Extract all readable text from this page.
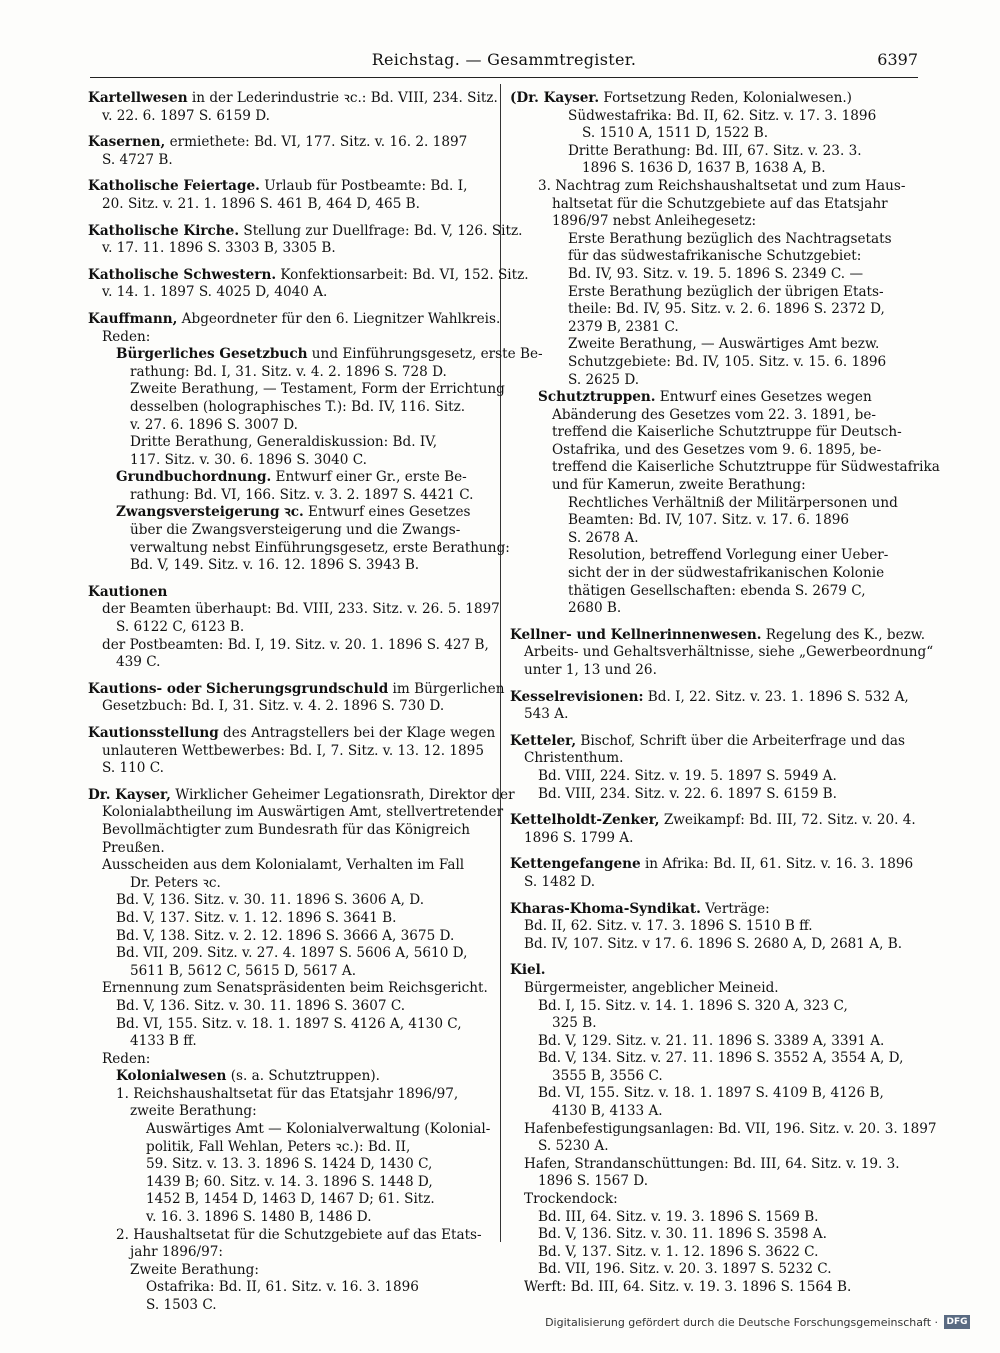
Reichstag. — Gesammtregister.	6397
Kartellwesen in der Lederindustrie ꝛc.: Bd. VIII, 234. Sitz.
v. 22. 6. 1897 S. 6159 D.
Kasernen, ermiethete: Bd. VI, 177. Sitz. v. 16. 2. 1897
S. 4727 B.
Katholische Feiertage. Urlaub für Postbeamte: Bd. I,
20. Sitz. v. 21. 1. 1896 S. 461 B, 464 D, 465 B.
Katholische Kirche. Stellung zur Duellfrage: Bd. V, 126. Sitz.
v. 17. 11. 1896 S. 3303 B, 3305 B.
Katholische Schwestern. Konfektionsarbeit: Bd. VI, 152. Sitz.
v. 14. 1. 1897 S. 4025 D, 4040 A.
Kauffmann, Abgeordneter für den 6. Liegnitzer Wahlkreis.
Reden:
Bürgerliches Gesetzbuch und Einführungsgesetz, erste Be-
rathung: Bd. I, 31. Sitz. v. 4. 2. 1896 S. 728 D.
Zweite Berathung, — Testament, Form der Errichtung
desselben (holographisches T.): Bd. IV, 116. Sitz.
v. 27. 6. 1896 S. 3007 D.
Dritte Berathung, Generaldiskussion: Bd. IV,
117. Sitz. v. 30. 6. 1896 S. 3040 C.
Grundbuchordnung. Entwurf einer Gr., erste Be-
rathung: Bd. VI, 166. Sitz. v. 3. 2. 1897 S. 4421 C.
Zwangsversteigerung ꝛc. Entwurf eines Gesetzes
über die Zwangsversteigerung und die Zwangs-
verwaltung nebst Einführungsgesetz, erste Berathung:
Bd. V, 149. Sitz. v. 16. 12. 1896 S. 3943 B.
Kautionen
der Beamten überhaupt: Bd. VIII, 233. Sitz. v. 26. 5. 1897
S. 6122 C, 6123 B.
der Postbeamten: Bd. I, 19. Sitz. v. 20. 1. 1896 S. 427 B,
439 C.
Kautions- oder Sicherungsgrundschuld im Bürgerlichen
Gesetzbuch: Bd. I, 31. Sitz. v. 4. 2. 1896 S. 730 D.
Kautionsstellung des Antragstellers bei der Klage wegen
unlauteren Wettbewerbes: Bd. I, 7. Sitz. v. 13. 12. 1895
S. 110 C.
Dr. Kayser, Wirklicher Geheimer Legationsrath, Direktor der
Kolonialabtheilung im Auswärtigen Amt, stellvertretender
Bevollmächtigter zum Bundesrath für das Königreich
Preußen.
Ausscheiden aus dem Kolonialamt, Verhalten im Fall
Dr. Peters ꝛc.
Bd. V, 136. Sitz. v. 30. 11. 1896 S. 3606 A, D.
Bd. V, 137. Sitz. v. 1. 12. 1896 S. 3641 B.
Bd. V, 138. Sitz. v. 2. 12. 1896 S. 3666 A, 3675 D.
Bd. VII, 209. Sitz. v. 27. 4. 1897 S. 5606 A, 5610 D,
5611 B, 5612 C, 5615 D, 5617 A.
Ernennung zum Senatspräsidenten beim Reichsgericht.
Bd. V, 136. Sitz. v. 30. 11. 1896 S. 3607 C.
Bd. VI, 155. Sitz. v. 18. 1. 1897 S. 4126 A, 4130 C,
4133 B ff.
Reden:
Kolonialwesen (s. a. Schutztruppen).
1. Reichshaushaltsetat für das Etatsjahr 1896/97,
zweite Berathung:
Auswärtiges Amt — Kolonialverwaltung (Kolonial-
politik, Fall Wehlan, Peters ꝛc.): Bd. II,
59. Sitz. v. 13. 3. 1896 S. 1424 D, 1430 C,
1439 B; 60. Sitz. v. 14. 3. 1896 S. 1448 D,
1452 B, 1454 D, 1463 D, 1467 D; 61. Sitz.
v. 16. 3. 1896 S. 1480 B, 1486 D.
2. Haushaltsetat für die Schutzgebiete auf das Etats-
jahr 1896/97:
Zweite Berathung:
Ostafrika: Bd. II, 61. Sitz. v. 16. 3. 1896
S. 1503 C.
(Dr. Kayser. Fortsetzung Reden, Kolonialwesen.)
Südwestafrika: Bd. II, 62. Sitz. v. 17. 3. 1896
S. 1510 A, 1511 D, 1522 B.
Dritte Berathung: Bd. III, 67. Sitz. v. 23. 3.
1896 S. 1636 D, 1637 B, 1638 A, B.
3. Nachtrag zum Reichshaushaltsetat und zum Haus-
haltsetat für die Schutzgebiete auf das Etatsjahr
1896/97 nebst Anleihegesetz:
Erste Berathung bezüglich des Nachtragsetats
für das südwestafrikanische Schutzgebiet:
Bd. IV, 93. Sitz. v. 19. 5. 1896 S. 2349 C. —
Erste Berathung bezüglich der übrigen Etats-
theile: Bd. IV, 95. Sitz. v. 2. 6. 1896 S. 2372 D,
2379 B, 2381 C.
Zweite Berathung, — Auswärtiges Amt bezw.
Schutzgebiete: Bd. IV, 105. Sitz. v. 15. 6. 1896
S. 2625 D.
Schutztruppen. Entwurf eines Gesetzes wegen
Abänderung des Gesetzes vom 22. 3. 1891, be-
treffend die Kaiserliche Schutztruppe für Deutsch-
Ostafrika, und des Gesetzes vom 9. 6. 1895, be-
treffend die Kaiserliche Schutztruppe für Südwestafrika
und für Kamerun, zweite Berathung:
Rechtliches Verhältniß der Militärpersonen und
Beamten: Bd. IV, 107. Sitz. v. 17. 6. 1896
S. 2678 A.
Resolution, betreffend Vorlegung einer Ueber-
sicht der in der südwestafrikanischen Kolonie
thätigen Gesellschaften: ebenda S. 2679 C,
2680 B.
Kellner- und Kellnerinnenwesen. Regelung des K., bezw.
Arbeits- und Gehaltsverhältnisse, siehe „Gewerbeordnung“
unter 1, 13 und 26.
Kesselrevisionen: Bd. I, 22. Sitz. v. 23. 1. 1896 S. 532 A,
543 A.
Ketteler, Bischof, Schrift über die Arbeiterfrage und das
Christenthum.
Bd. VIII, 224. Sitz. v. 19. 5. 1897 S. 5949 A.
Bd. VIII, 234. Sitz. v. 22. 6. 1897 S. 6159 B.
Kettelholdt-Zenker, Zweikampf: Bd. III, 72. Sitz. v. 20. 4.
1896 S. 1799 A.
Kettengefangene in Afrika: Bd. II, 61. Sitz. v. 16. 3. 1896
S. 1482 D.
Kharas-Khoma-Syndikat. Verträge:
Bd. II, 62. Sitz. v. 17. 3. 1896 S. 1510 B ff.
Bd. IV, 107. Sitz. v 17. 6. 1896 S. 2680 A, D, 2681 A, B.
Kiel.
Bürgermeister, angeblicher Meineid.
Bd. I, 15. Sitz. v. 14. 1. 1896 S. 320 A, 323 C,
325 B.
Bd. V, 129. Sitz. v. 21. 11. 1896 S. 3389 A, 3391 A.
Bd. V, 134. Sitz. v. 27. 11. 1896 S. 3552 A, 3554 A, D,
3555 B, 3556 C.
Bd. VI, 155. Sitz. v. 18. 1. 1897 S. 4109 B, 4126 B,
4130 B, 4133 A.
Hafenbefestigungsanlagen: Bd. VII, 196. Sitz. v. 20. 3. 1897
S. 5230 A.
Hafen, Strandanschüttungen: Bd. III, 64. Sitz. v. 19. 3.
1896 S. 1567 D.
Trockendock:
Bd. III, 64. Sitz. v. 19. 3. 1896 S. 1569 B.
Bd. V, 136. Sitz. v. 30. 11. 1896 S. 3598 A.
Bd. V, 137. Sitz. v. 1. 12. 1896 S. 3622 C.
Bd. VII, 196. Sitz. v. 20. 3. 1897 S. 5232 C.
Werft: Bd. III, 64. Sitz. v. 19. 3. 1896 S. 1564 B.
Digitalisierung gefördert durch die Deutsche Forschungsgemeinschaft · DFG
